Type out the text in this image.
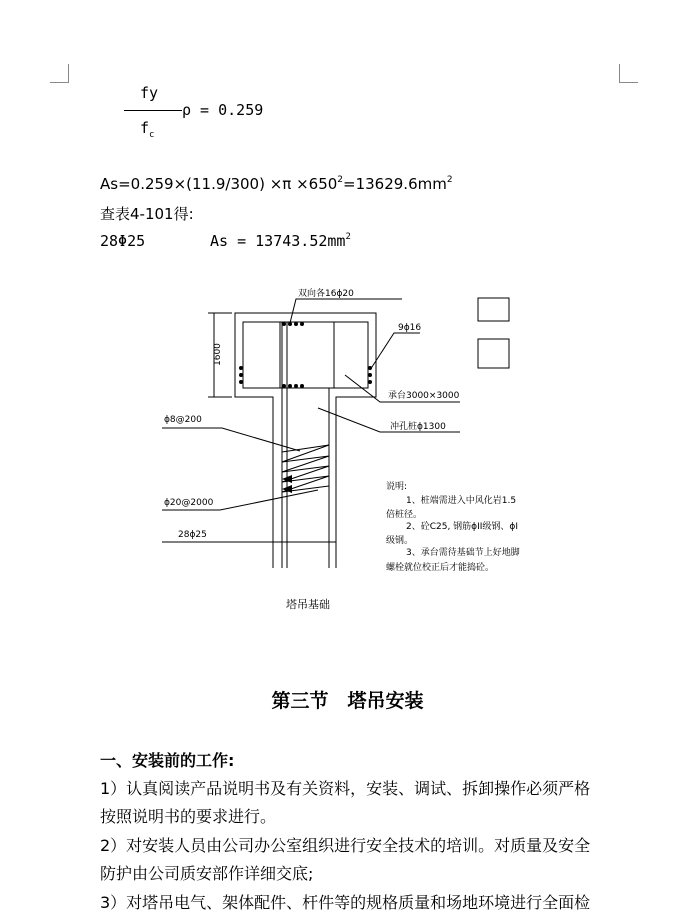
fy
$f_c$
ρ = 0.259
$As=0.259\times(11.9/300) \times\pi \times 650^2=13629.6mm^2$
查表4-101得:
28Φ25	$As = 13743.52mm^2$
双向各16ϕ20
9ϕ16
承台3000×3000
冲孔桩ϕ1300
ϕ8@200
ϕ20@2000
28ϕ25
1600
说明:
1、桩端需进入中风化岩1.5
倍桩径。
2、砼C25, 钢筋ϕII级钢、ϕI
级钢。
3、承台需待基础节上好地脚
螺栓就位校正后才能捣砼。
塔吊基础
第三节　塔吊安装
一、安装前的工作:
1）认真阅读产品说明书及有关资料，安装、调试、拆卸操作必须严格
按照说明书的要求进行。
2）对安装人员由公司办公室组织进行安全技术的培训。对质量及安全
防护由公司质安部作详细交底;
3）对塔吊电气、架体配件、杆件等的规格质量和场地环境进行全面检
